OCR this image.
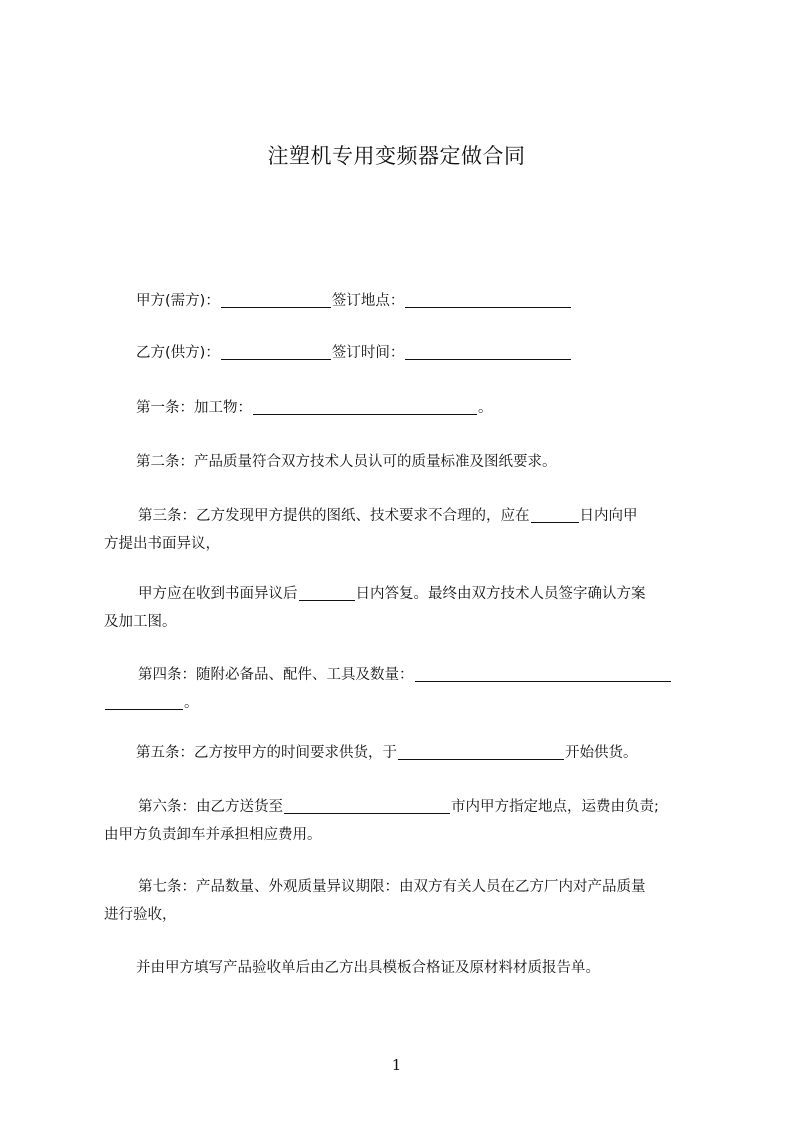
注塑机专用变频器定做合同

甲方(需方)：	签订地点：

乙方(供方)：	签订时间：

第一条：加工物：	。

第二条：产品质量符合双方技术人员认可的质量标准及图纸要求。

第三条：乙方发现甲方提供的图纸、技术要求不合理的，应在	日内向甲
方提出书面异议，

甲方应在收到书面异议后	日内答复。最终由双方技术人员签字确认方案
及加工图。

第四条：随附必备品、配件、工具及数量：
。

第五条：乙方按甲方的时间要求供货，于	开始供货。

第六条：由乙方送货至	市内甲方指定地点，运费由负责;
由甲方负责卸车并承担相应费用。

第七条：产品数量、外观质量异议期限：由双方有关人员在乙方厂内对产品质量
进行验收，

并由甲方填写产品验收单后由乙方出具模板合格证及原材料材质报告单。

1
